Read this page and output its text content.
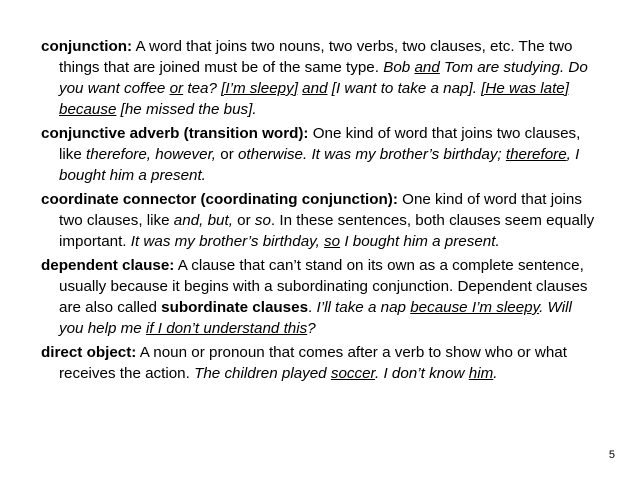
conjunction: A word that joins two nouns, two verbs, two clauses, etc. The two things that are joined must be of the same type. Bob and Tom are studying. Do you want coffee or tea? [I’m sleepy] and [I want to take a nap]. [He was late] because [he missed the bus].

conjunctive adverb (transition word): One kind of word that joins two clauses, like therefore, however, or otherwise. It was my brother’s birthday; therefore, I bought him a present.

coordinate connector (coordinating conjunction): One kind of word that joins two clauses, like and, but, or so. In these sentences, both clauses seem equally important. It was my brother’s birthday, so I bought him a present.

dependent clause: A clause that can’t stand on its own as a complete sentence, usually because it begins with a subordinating conjunction. Dependent clauses are also called subordinate clauses. I’ll take a nap because I’m sleepy. Will you help me if I don’t understand this?

direct object: A noun or pronoun that comes after a verb to show who or what receives the action. The children played soccer. I don’t know him.

5
